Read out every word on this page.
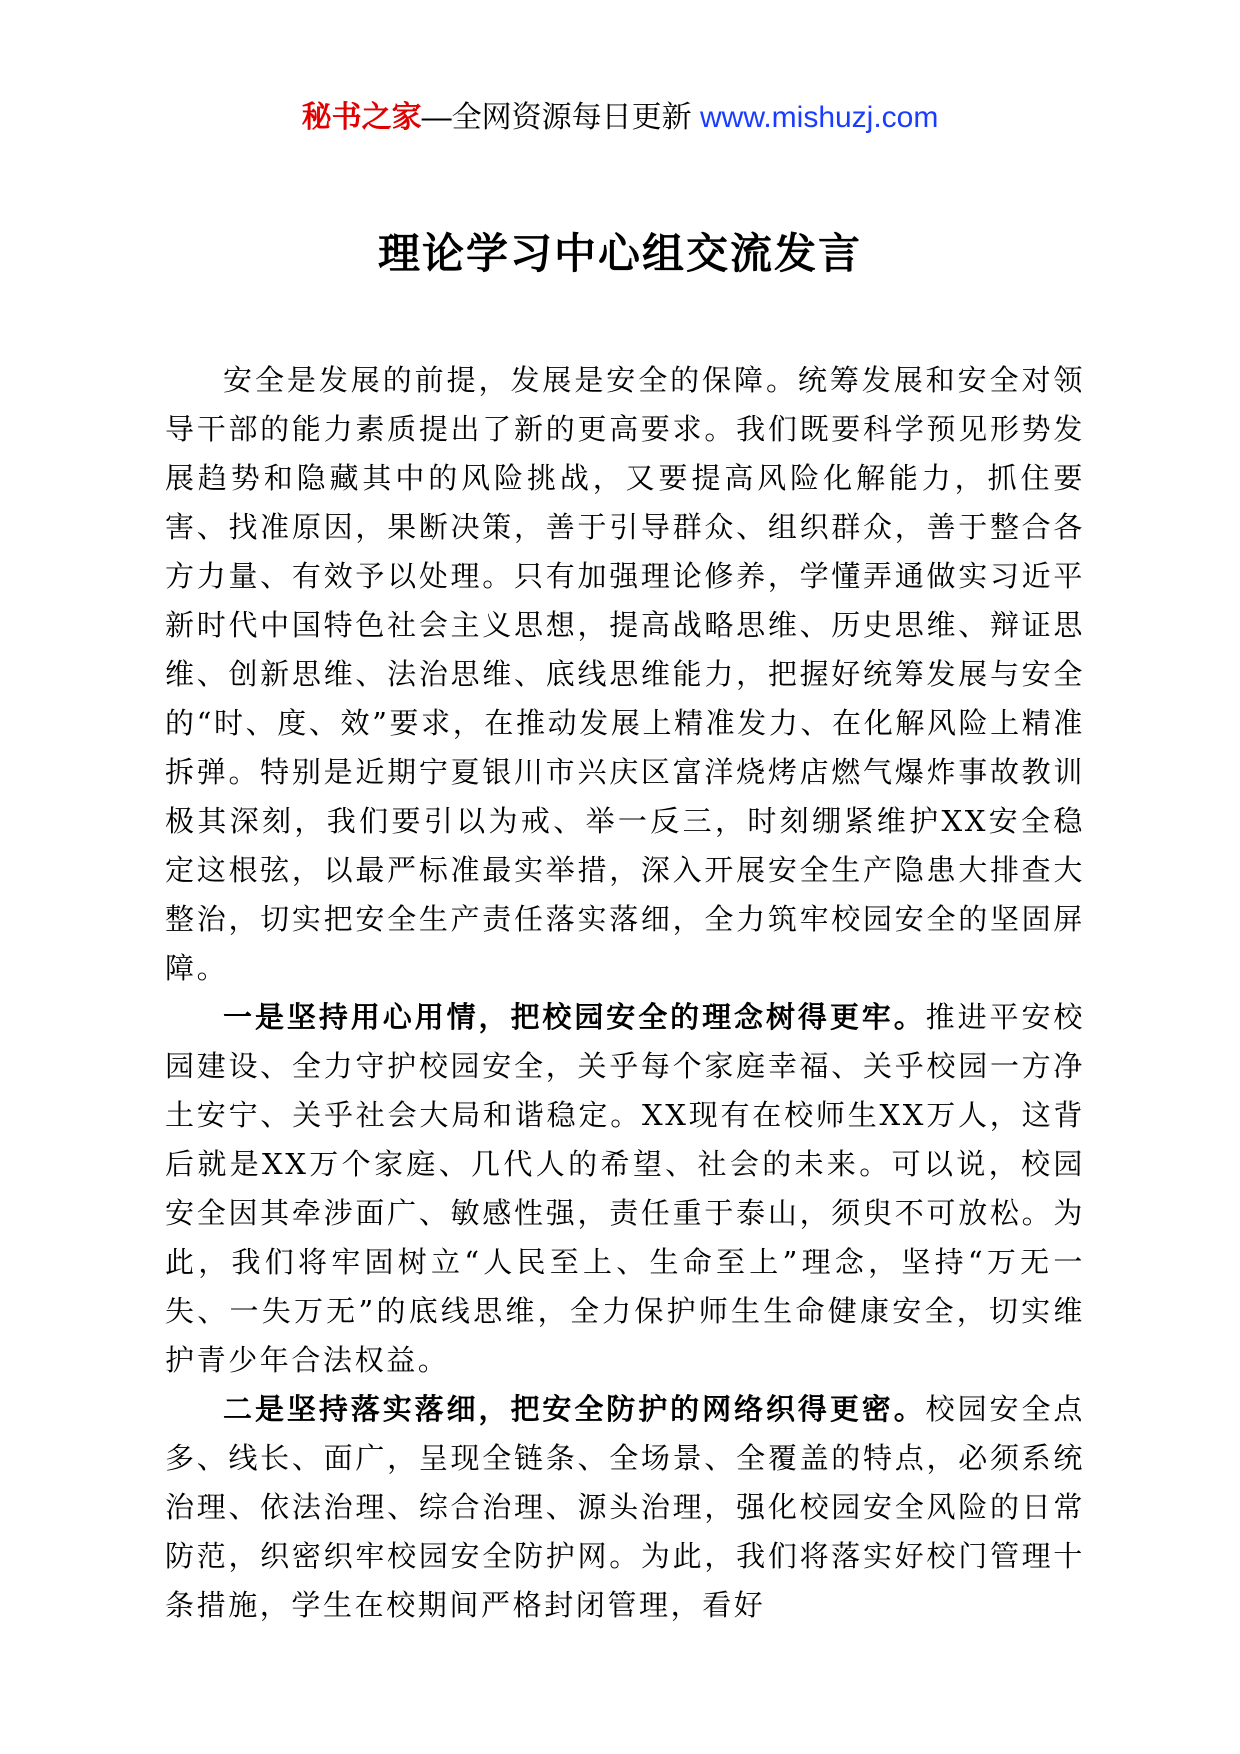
秘书之家—全网资源每日更新 www.mishuzj.com
理论学习中心组交流发言

安全是发展的前提，发展是安全的保障。统筹发展和安全对领导干部的能力素质提出了新的更高要求。我们既要科学预见形势发展趋势和隐藏其中的风险挑战，又要提高风险化解能力，抓住要害、找准原因，果断决策，善于引导群众、组织群众，善于整合各方力量、有效予以处理。只有加强理论修养，学懂弄通做实习近平新时代中国特色社会主义思想，提高战略思维、历史思维、辩证思维、创新思维、法治思维、底线思维能力，把握好统筹发展与安全的“时、度、效”要求，在推动发展上精准发力、在化解风险上精准拆弹。特别是近期宁夏银川市兴庆区富洋烧烤店燃气爆炸事故教训极其深刻，我们要引以为戒、举一反三，时刻绷紧维护XX安全稳定这根弦，以最严标准最实举措，深入开展安全生产隐患大排查大整治，切实把安全生产责任落实落细，全力筑牢校园安全的坚固屏障。

一是坚持用心用情，把校园安全的理念树得更牢。推进平安校园建设、全力守护校园安全，关乎每个家庭幸福、关乎校园一方净土安宁、关乎社会大局和谐稳定。XX现有在校师生XX万人，这背后就是XX万个家庭、几代人的希望、社会的未来。可以说，校园安全因其牵涉面广、敏感性强，责任重于泰山，须臾不可放松。为此，我们将牢固树立“人民至上、生命至上”理念，坚持“万无一失、一失万无”的底线思维，全力保护师生生命健康安全，切实维护青少年合法权益。

二是坚持落实落细，把安全防护的网络织得更密。校园安全点多、线长、面广，呈现全链条、全场景、全覆盖的特点，必须系统治理、依法治理、综合治理、源头治理，强化校园安全风险的日常防范，织密织牢校园安全防护网。为此，我们将落实好校门管理十条措施，学生在校期间严格封闭管理，看好
